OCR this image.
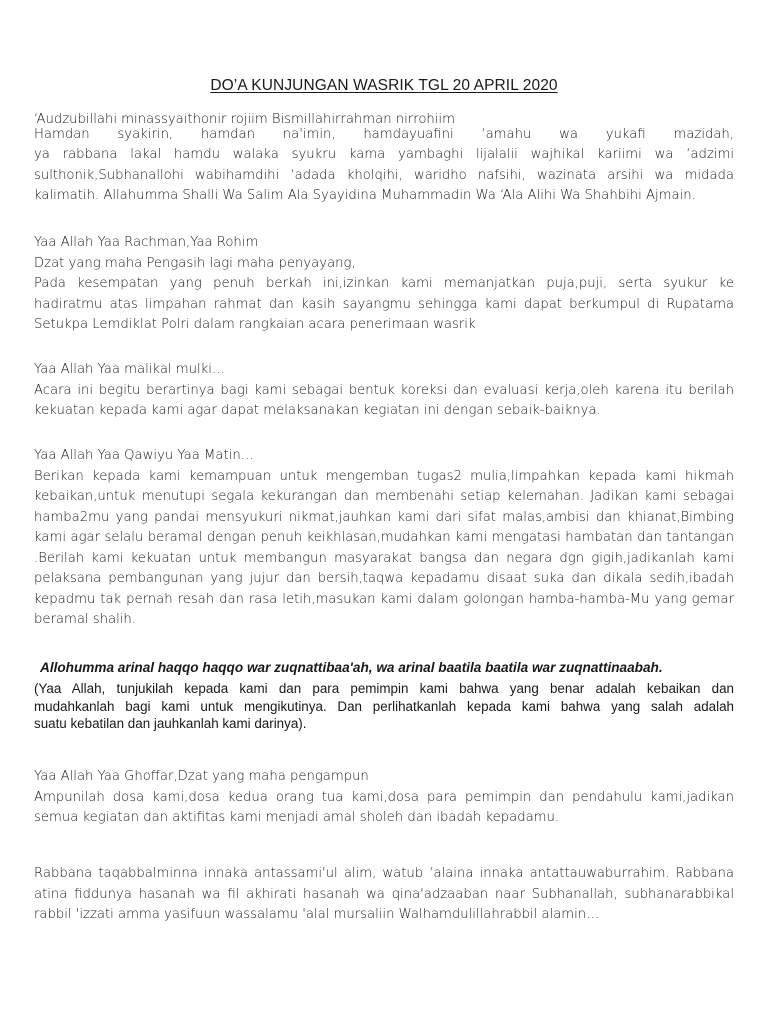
DO’A KUNJUNGAN WASRIK TGL 20 APRIL 2020
‘Audzubillahi minassyaithonir rojiim Bismillahirrahman nirrohiim
Hamdan syakirin, hamdan na'imin, hamdayuafini ‘amahu wa yukafi mazidah,
ya rabbana lakal hamdu walaka syukru kama yambaghi lijalalii wajhikal kariimi wa ‘adzimi
sulthonik,Subhanallohi wabihamdihi ‘adada kholqihi, waridho nafsihi, wazinata arsihi wa midada
kalimatih. Allahumma Shalli Wa Salim Ala Syayidina Muhammadin Wa ‘Ala Alihi Wa Shahbihi Ajmain.
Yaa Allah Yaa Rachman,Yaa Rohim
Dzat yang maha Pengasih lagi maha penyayang,
Pada kesempatan yang penuh berkah ini,izinkan kami memanjatkan puja,puji, serta syukur ke
hadiratmu atas limpahan rahmat dan kasih sayangmu sehingga kami dapat berkumpul di Rupatama
Setukpa Lemdiklat Polri dalam rangkaian acara penerimaan wasrik
Yaa Allah Yaa malikal mulki…
Acara ini begitu berartinya bagi kami sebagai bentuk koreksi dan evaluasi kerja,oleh karena itu berilah
kekuatan kepada kami agar dapat melaksanakan kegiatan ini dengan sebaik-baiknya.
Yaa Allah Yaa Qawiyu Yaa Matin…
Berikan kepada kami kemampuan untuk mengemban tugas2 mulia,limpahkan kepada kami hikmah
kebaikan,untuk menutupi segala kekurangan dan membenahi setiap kelemahan. Jadikan kami sebagai
hamba2mu yang pandai mensyukuri nikmat,jauhkan kami dari sifat malas,ambisi dan khianat,Bimbing
kami agar selalu beramal dengan penuh keikhlasan,mudahkan kami mengatasi hambatan dan tantangan
.Berilah kami kekuatan untuk membangun masyarakat bangsa dan negara dgn gigih,jadikanlah kami
pelaksana pembangunan yang jujur dan bersih,taqwa kepadamu disaat suka dan dikala sedih,ibadah
kepadmu tak pernah resah dan rasa letih,masukan kami dalam golongan hamba-hamba-Mu yang gemar
beramal shalih.
Allohumma arinal haqqo haqqo war zuqnattibaa'ah, wa arinal baatila baatila war zuqnattinaabah.
(Yaa Allah, tunjukilah kepada kami dan para pemimpin kami bahwa yang benar adalah kebaikan dan
mudahkanlah bagi kami untuk mengikutinya. Dan perlihatkanlah kepada kami bahwa yang salah adalah
suatu kebatilan dan jauhkanlah kami darinya).
Yaa Allah Yaa Ghoffar,Dzat yang maha pengampun
Ampunilah dosa kami,dosa kedua orang tua kami,dosa para pemimpin dan pendahulu kami,jadikan
semua kegiatan dan aktifitas kami menjadi amal sholeh dan ibadah kepadamu.
Rabbana taqabbalminna innaka antassami'ul alim, watub ‘alaina innaka antattauwaburrahim. Rabbana
atina fiddunya hasanah wa fil akhirati hasanah wa qina'adzaaban naar Subhanallah, subhanarabbikal
rabbil 'izzati amma yasifuun wassalamu 'alal mursaliin Walhamdulillahrabbil alamin…
